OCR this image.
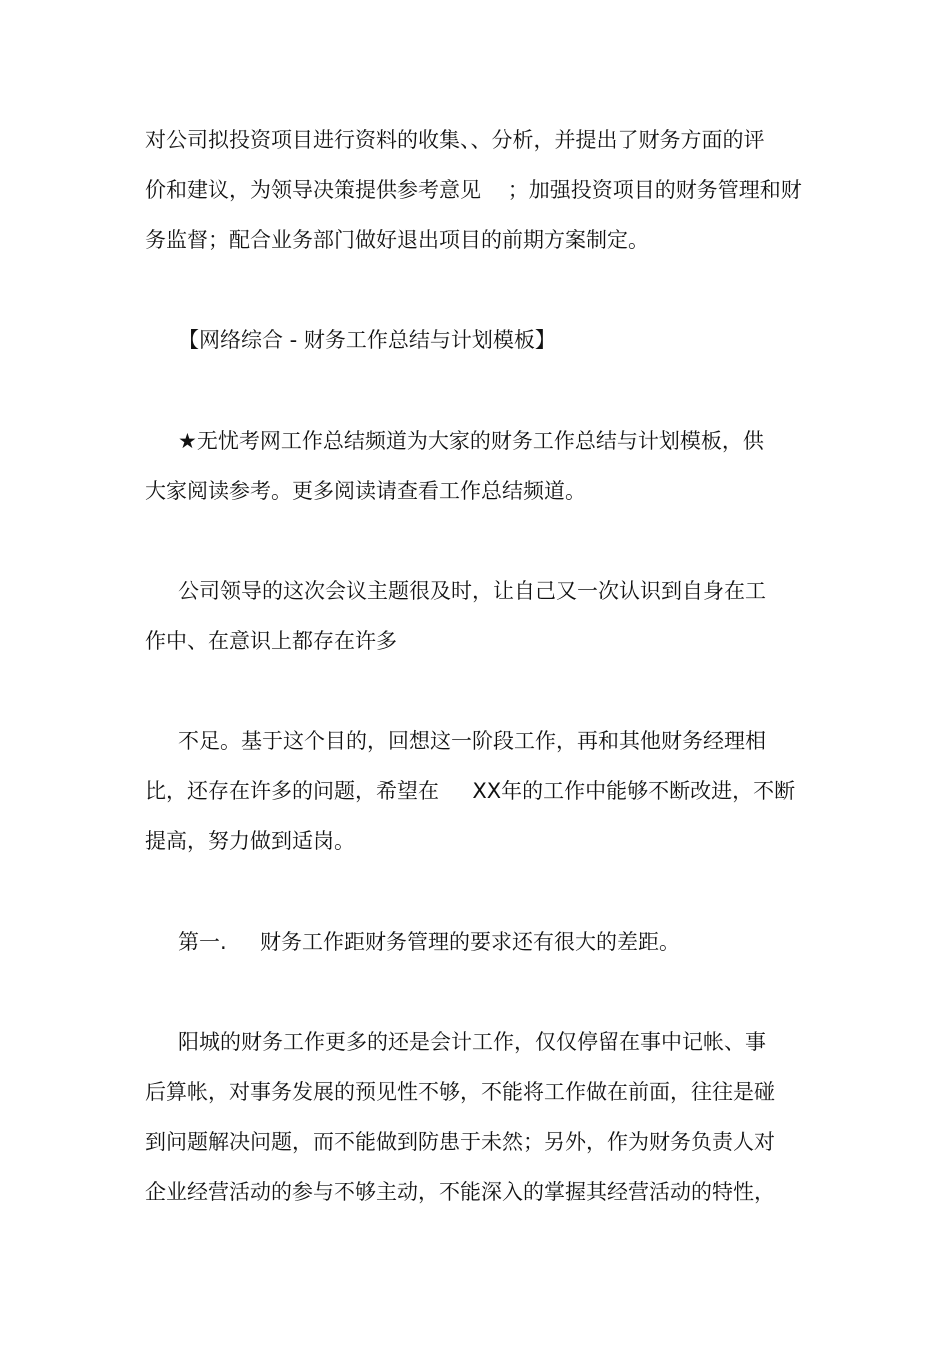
对公司拟投资项目进行资料的收集、、分析，并提出了财务方面的评
价和建议，为领导决策提供参考意见    ；加强投资项目的财务管理和财
务监督；配合业务部门做好退出项目的前期方案制定。
【网络综合 - 财务工作总结与计划模板】
★无忧考网工作总结频道为大家的财务工作总结与计划模板，供
大家阅读参考。更多阅读请查看工作总结频道。
公司领导的这次会议主题很及时，让自己又一次认识到自身在工
作中、在意识上都存在许多
不足。基于这个目的，回想这一阶段工作，再和其他财务经理相
比，还存在许多的问题，希望在     XX年的工作中能够不断改进，不断
提高，努力做到适岗。
第一.     财务工作距财务管理的要求还有很大的差距。
阳城的财务工作更多的还是会计工作，仅仅停留在事中记帐、事
后算帐，对事务发展的预见性不够，不能将工作做在前面，往往是碰
到问题解决问题，而不能做到防患于未然；另外，作为财务负责人对
企业经营活动的参与不够主动，不能深入的掌握其经营活动的特性，
